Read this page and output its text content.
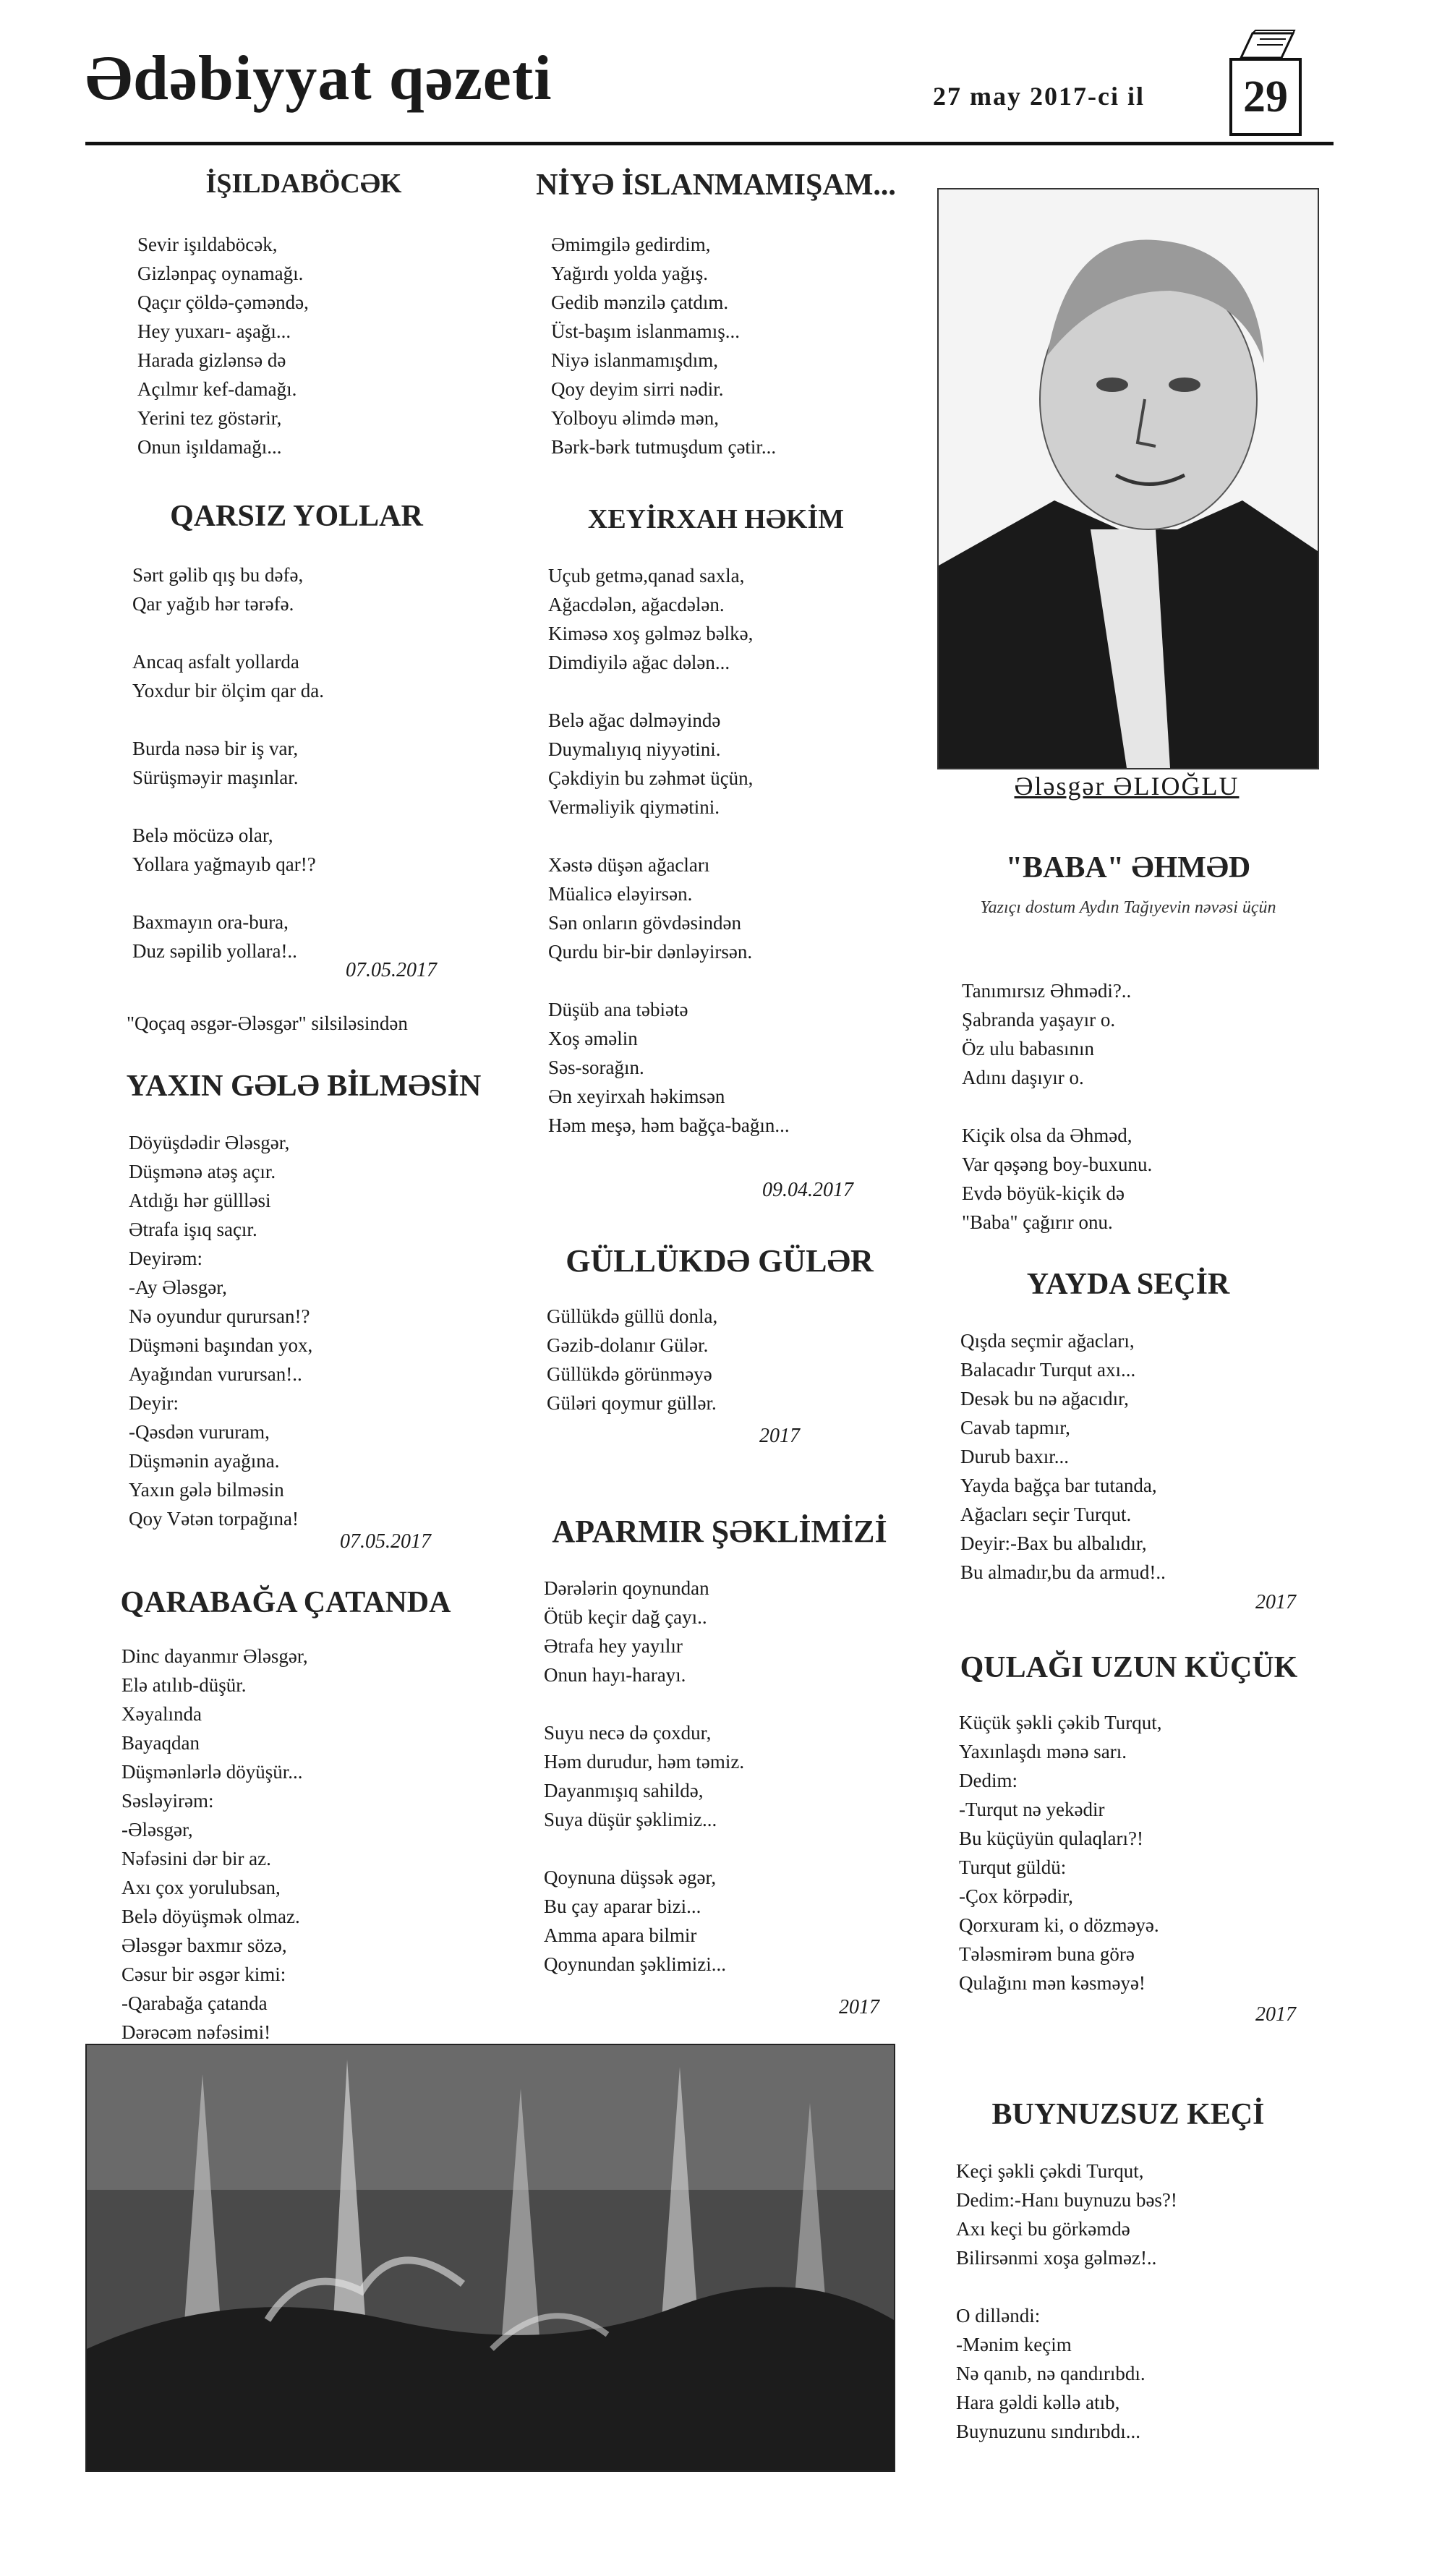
Ədəbiyyat qəzeti	27 may 2017-ci il	29
İŞILDABÖCƏK
Sevir işıldaböcək,
Gizlənpaç oynamağı.
Qaçır çöldə-çəməndə,
Hey yuxarı- aşağı...
Harada gizlənsə də
Açılmır kef-damağı.
Yerini tez göstərir,
Onun işıldamağı...
QARSIZ YOLLAR
Sərt gəlib qış bu dəfə,
Qar yağıb hər tərəfə.

Ancaq asfalt yollarda
Yoxdur bir ölçim qar da.

Burda nəsə bir iş var,
Sürüşməyir maşınlar.

Belə möcüzə olar,
Yollara yağmayıb qar!?

Baxmayın ora-bura,
Duz səpilib yollara!..
07.05.2017
"Qoçaq əsgər-Ələsgər" silsiləsindən
YAXIN GƏLƏ BİLMƏSİN
Döyüşdədir Ələsgər,
Düşmənə atəş açır.
Atdığı hər güllləsi
Ətrafa işıq saçır.
Deyirəm:
-Ay Ələsgər,
Nə oyundur qurursan!?
Düşməni başından yox,
Ayağından vurursan!..
Deyir:
-Qəsdən vururam,
Düşmənin ayağına.
Yaxın gələ bilməsin
Qoy Vətən torpağına!
07.05.2017
QARABAĞA ÇATANDA
Dinc dayanmır Ələsgər,
Elə atılıb-düşür.
Xəyalında
Bayaqdan
Düşmənlərlə döyüşür...
Səsləyirəm:
-Ələsgər,
Nəfəsini dər bir az.
Axı çox yorulubsan,
Belə döyüşmək olmaz.
Ələsgər baxmır sözə,
Cəsur bir əsgər kimi:
-Qarabağa çatanda
Dərəcəm nəfəsimi!
NİYƏ İSLANMAMIŞAM...
Əmimgilə gedirdim,
Yağırdı yolda yağış.
Gedib mənzilə çatdım.
Üst-başım islanmamış...
Niyə islanmamışdım,
Qoy deyim sirri nədir.
Yolboyu əlimdə mən,
Bərk-bərk tutmuşdum çətir...
XEYİRXAH HƏKİM
Uçub getmə,qanad saxla,
Ağacdələn, ağacdələn.
Kiməsə xoş gəlməz bəlkə,
Dimdiyilə ağac dələn...

Belə ağac dəlməyində
Duymalıyıq niyyətini.
Çəkdiyin bu zəhmət üçün,
Verməliyik qiymətini.

Xəstə düşən ağacları
Müalicə eləyirsən.
Sən onların gövdəsindən
Qurdu bir-bir dənləyirsən.

Düşüb ana təbiətə
Xoş əməlin
Səs-sorağın.
Ən xeyirxah həkimsən
Həm meşə, həm bağça-bağın...
09.04.2017
GÜLLÜKDƏ GÜLƏR
Güllükdə güllü donla,
Gəzib-dolanır Gülər.
Güllükdə görünməyə
Güləri qoymur güllər.
2017
APARMIR ŞƏKLİMİZİ
Dərələrin qoynundan
Ötüb keçir dağ çayı..
Ətrafa hey yayılır
Onun hayı-harayı.

Suyu necə də çoxdur,
Həm durudur, həm təmiz.
Dayanmışıq sahildə,
Suya düşür şəklimiz...

Qoynuna düşsək əgər,
Bu çay aparar bizi...
Amma apara bilmir
Qoynundan şəklimizi...
2017
Ələsgər ƏLIOĞLU
"BABA" ƏHMƏD
Yazıçı dostum Aydın Tağıyevin nəvəsi üçün
Tanımırsız Əhmədi?..
Şabranda yaşayır o.
Öz ulu babasının
Adını daşıyır o.

Kiçik olsa da Əhməd,
Var qəşəng boy-buxunu.
Evdə böyük-kiçik də
"Baba" çağırır onu.
YAYDA SEÇİR
Qışda seçmir ağacları,
Balacadır Turqut axı...
Desək bu nə ağacıdır,
Cavab tapmır,
Durub baxır...
Yayda bağça bar tutanda,
Ağacları seçir Turqut.
Deyir:-Bax bu albalıdır,
Bu almadır,bu da armud!..
2017
QULAĞI UZUN KÜÇÜK
Küçük şəkli çəkib Turqut,
Yaxınlaşdı mənə sarı.
Dedim:
-Turqut nə yekədir
Bu küçüyün qulaqları?!
Turqut güldü:
-Çox körpədir,
Qorxuram ki, o dözməyə.
Tələsmirəm buna görə
Qulağını mən kəsməyə!
2017
BUYNUZSUZ KEÇİ
Keçi şəkli çəkdi Turqut,
Dedim:-Hanı buynuzu bəs?!
Axı keçi bu görkəmdə
Bilirsənmi xoşa gəlməz!..

O dilləndi:
-Mənim keçim
Nə qanıb, nə qandırıbdı.
Hara gəldi kəllə atıb,
Buynuzunu sındırıbdı...
